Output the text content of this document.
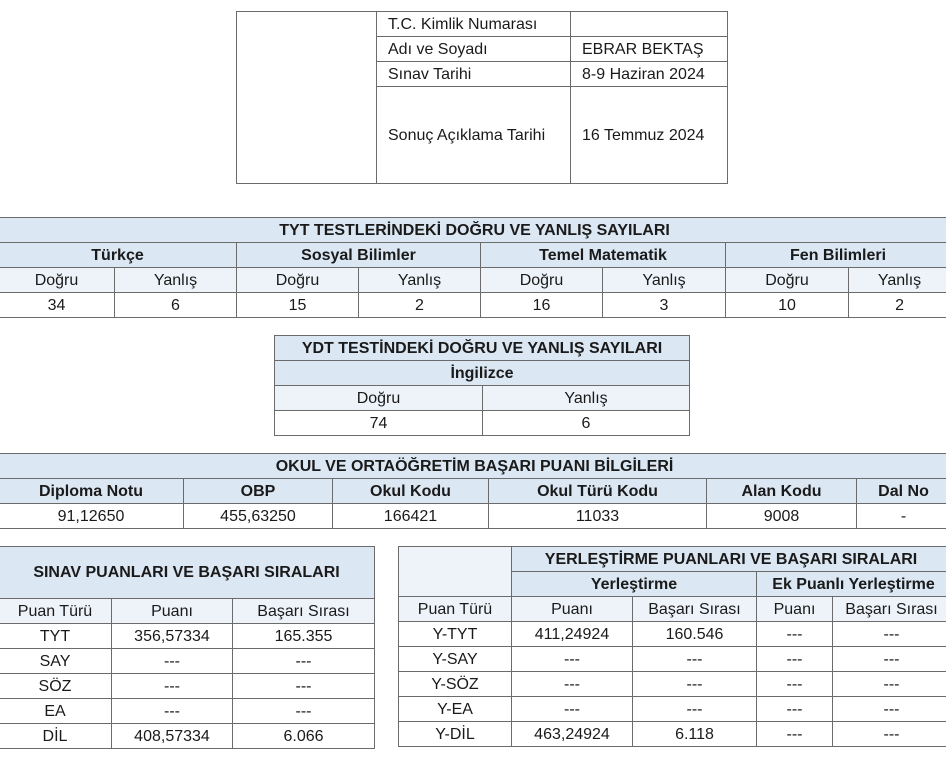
	T.C. Kimlik Numarası	
	Adı ve Soyadı	EBRAR BEKTAŞ
	Sınav Tarihi	8-9 Haziran 2024
	Sonuç Açıklama Tarihi	16 Temmuz 2024
TYT TESTLERİNDEKİ DOĞRU VE YANLIŞ SAYILARI							
Türkçe		Sosyal Bilimler		Temel Matematik		Fen Bilimleri	
Doğru	Yanlış	Doğru	Yanlış	Doğru	Yanlış	Doğru	Yanlış
34	6	15	2	16	3	10	2
YDT TESTİNDEKİ DOĞRU VE YANLIŞ SAYILARI	
İngilizce	
Doğru	Yanlış
74	6
OKUL VE ORTAÖĞRETİM BAŞARI PUANI BİLGİLERİ					
Diploma Notu	OBP	Okul Kodu	Okul Türü Kodu	Alan Kodu	Dal No
91,12650	455,63250	166421	11033	9008	-
SINAV PUANLARI VE BAŞARI SIRALARI		
Puan Türü	Puanı	Başarı Sırası
TYT	356,57334	165.355
SAY	---	---
SÖZ	---	---
EA	---	---
DİL	408,57334	6.066
	YERLEŞTİRME PUANLARI VE BAŞARI SIRALARI			
	Yerleştirme		Ek Puanlı Yerleştirme	
Puan Türü	Puanı	Başarı Sırası	Puanı	Başarı Sırası
Y-TYT	411,24924	160.546	---	---
Y-SAY	---	---	---	---
Y-SÖZ	---	---	---	---
Y-EA	---	---	---	---
Y-DİL	463,24924	6.118	---	---
